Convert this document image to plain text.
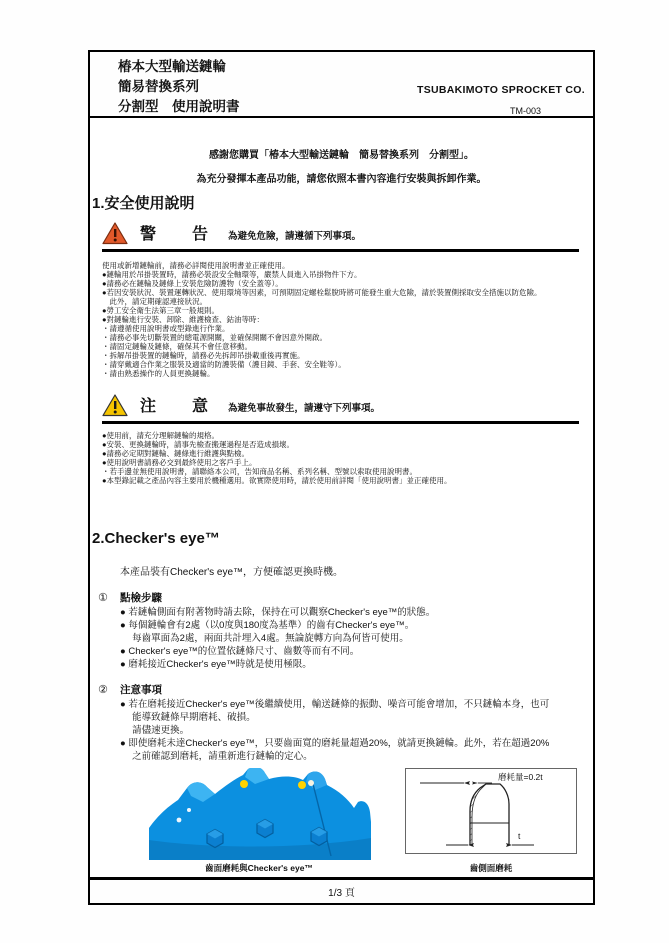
椿本大型輸送鏈輪
簡易替換系列
分割型　使用說明書
TSUBAKIMOTO SPROCKET CO.
TM-003
感謝您購買「椿本大型輸送鏈輪　簡易替換系列　分割型」。
為充分發揮本產品功能，請您依照本書內容進行安裝與拆卸作業。
1.安全使用說明
警　告 為避免危險，請遵循下列事項。
使用或新增鏈輪前，請務必詳閱使用說明書並正確使用。
●鏈輪用於吊掛裝置時，請務必裝設安全軸環等，嚴禁人員進入吊掛物件下方。
●請務必在鏈輪及鏈條上安裝危險防護物（安全蓋等）。
●若因安裝狀況、裝置運轉狀況、使用環境等因素，可預期固定螺栓鬆脫時將可能發生重大危險，請於裝置側採取安全措施以防危險。
　此外，請定期確認連接狀況。
●勞工安全衛生法第三章一般規則。
●對鏈輪進行安裝、卸除、維護檢查、鈷油等時：
・請遵循使用說明書或型錄進行作業。
・請務必事先切斷裝置的總電源開關，並確保開關不會因意外開啟。
・請固定鏈輪及鏈條，確保其不會任意移動。
・拆解吊掛裝置的鏈輪時，請務必先拆卸吊掛載重後再實施。
・請穿戴適合作業之服裝及適當的防護裝備（護目鏡、手套、安全鞋等）。
・請由熟悉操作的人員更換鏈輪。
注　意 為避免事故發生，請遵守下列事項。
●使用前，請充分理解鏈輪的規格。
●安裝、更換鏈輪時，請事先檢查搬運過程是否造成損壞。
●請務必定期對鏈輪、鏈條進行維護與點檢。
●使用說明書請務必交到最終使用之客戶手上。
・若手邊並無使用說明書，請聯絡本公司，告知商品名稱、系列名稱、型號以索取使用說明書。
●本型錄記載之產品內容主要用於機種選用。欲實際使用時，請於使用前詳閱「使用說明書」並正確使用。
2.Checker's eye™
本產品裝有Checker's eye™，方便確認更換時機。
① 點檢步驟
● 若鏈輪側面有附著物時請去除，保持在可以觀察Checker's eye™的狀態。
● 每個鏈輪會有2處（以0度與180度為基準）的齒有Checker's eye™。
　 每齒單面為2處，兩面共計埋入4處。無論旋轉方向為何皆可使用。
● Checker's eye™的位置依鏈條尺寸、齒數等而有不同。
● 磨耗接近Checker's eye™時就是使用極限。
② 注意事項
● 若在磨耗接近Checker's eye™後繼續使用，輸送鏈條的振動、噪音可能會增加，不只鏈輪本身，也可
　 能導致鏈條早期磨耗、破損。
　 請儘速更換。
● 即使磨耗未達Checker's eye™，只要齒面寬的磨耗量超過20%，就請更換鏈輪。此外，若在超過20%
　 之前確認到磨耗，請重新進行鏈輪的定心。
齒面磨耗與Checker's eye™
磨耗量=0.2t
t
齒側面磨耗
1/3 頁
